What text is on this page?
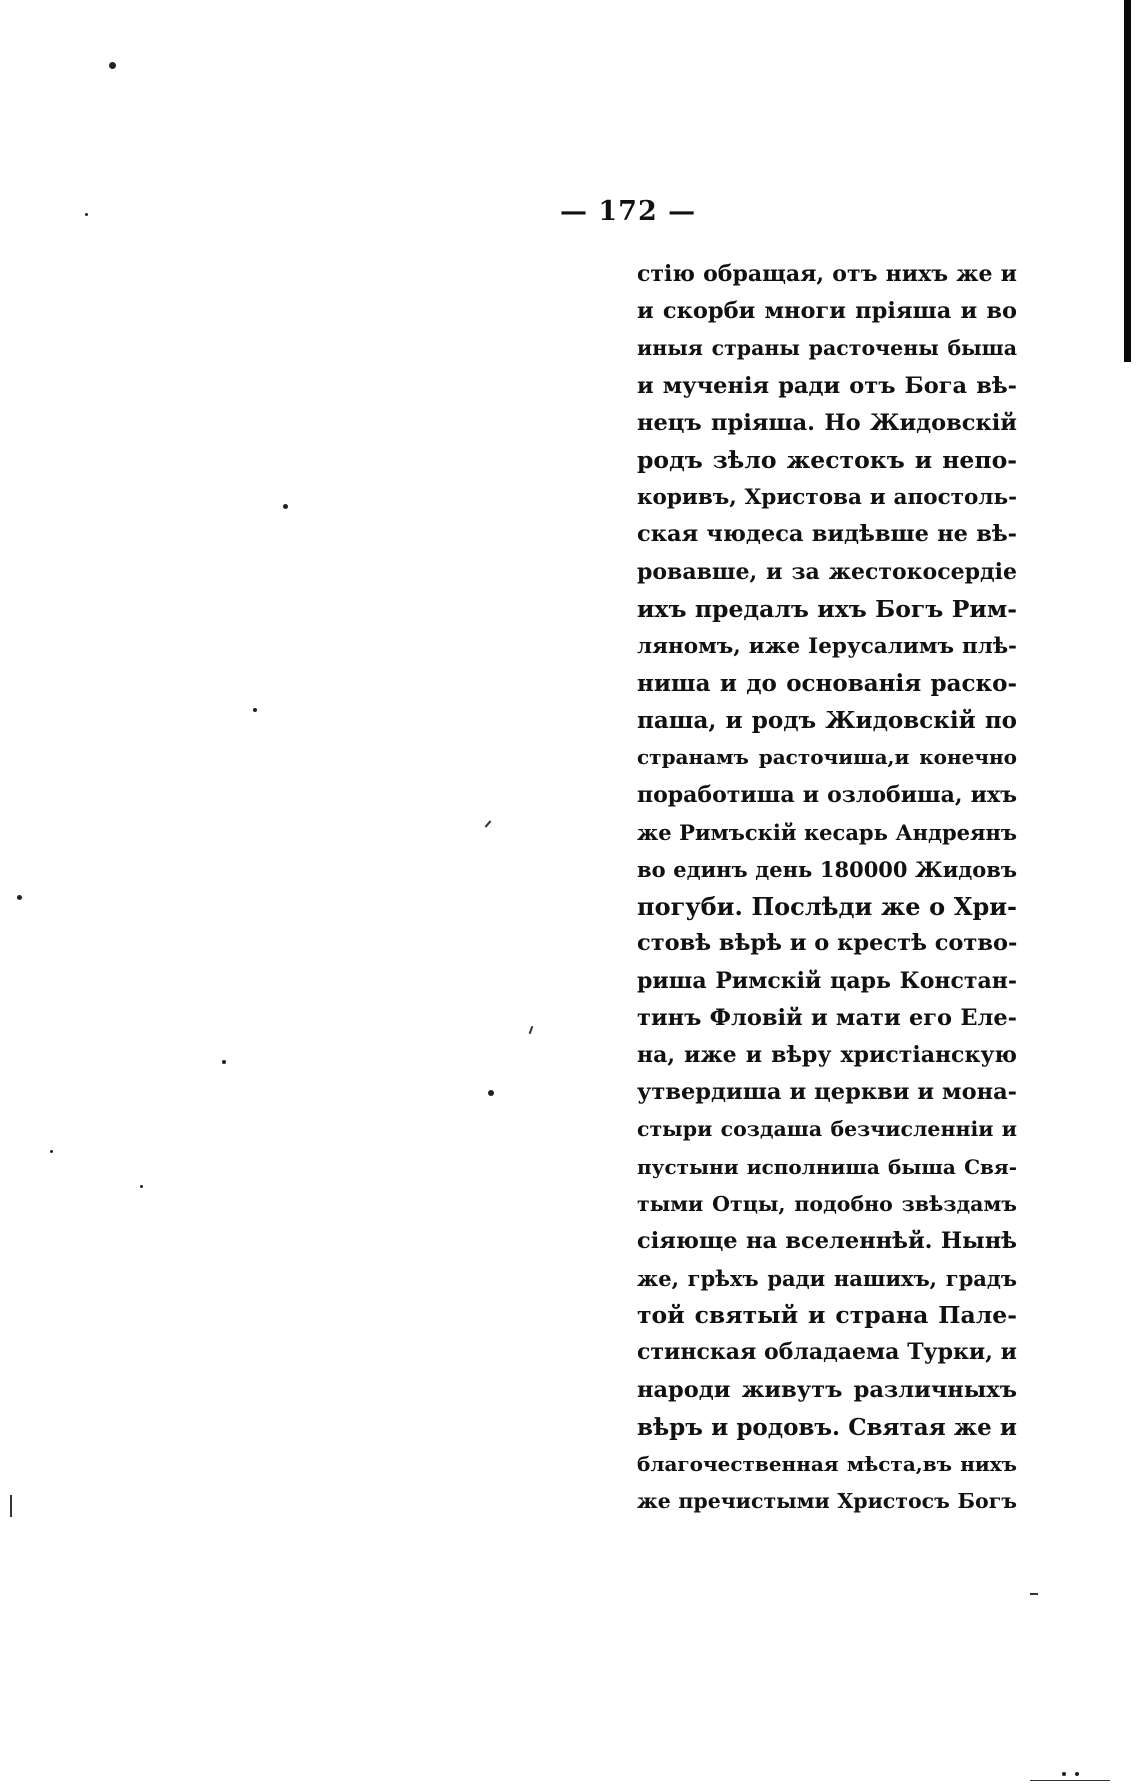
— 172 —
стію обращая, отъ нихъ же и
и скорби многи пріяша и во
иныя страны расточены быша
и мученія ради отъ Бога вѣ-
нецъ пріяша. Но Жидовскій
родъ зѣло жестокъ и непо-
коривъ, Христова и апостоль-
ская чюдеса видѣвше не вѣ-
ровавше, и за жестокосердіе
ихъ предалъ ихъ Богъ Рим-
ляномъ, иже Іерусалимъ плѣ-
ниша и до основанія раско-
паша, и родъ Жидовскій по
странамъ расточиша,и конечно
поработиша и озлобиша, ихъ
же Римъскій кесарь Андреянъ
во единъ день 180000 Жидовъ
погуби. Послѣди же о Хри-
стовѣ вѣрѣ и о крестѣ сотво-
риша Римскій царь Констан-
тинъ Фловій и мати его Еле-
на, иже и вѣру христіанскую
утвердиша и церкви и мона-
стыри создаша безчисленніи и
пустыни исполниша быша Свя-
тыми Отцы, подобно звѣздамъ
сіяюще на вселеннѣй. Нынѣ
же, грѣхъ ради нашихъ, градъ
той святый и страна Пале-
стинская обладаема Турки, и
народи живутъ различныхъ
вѣръ и родовъ. Святая же и
благочественная мѣста,въ нихъ
же пречистыми Христосъ Богъ
